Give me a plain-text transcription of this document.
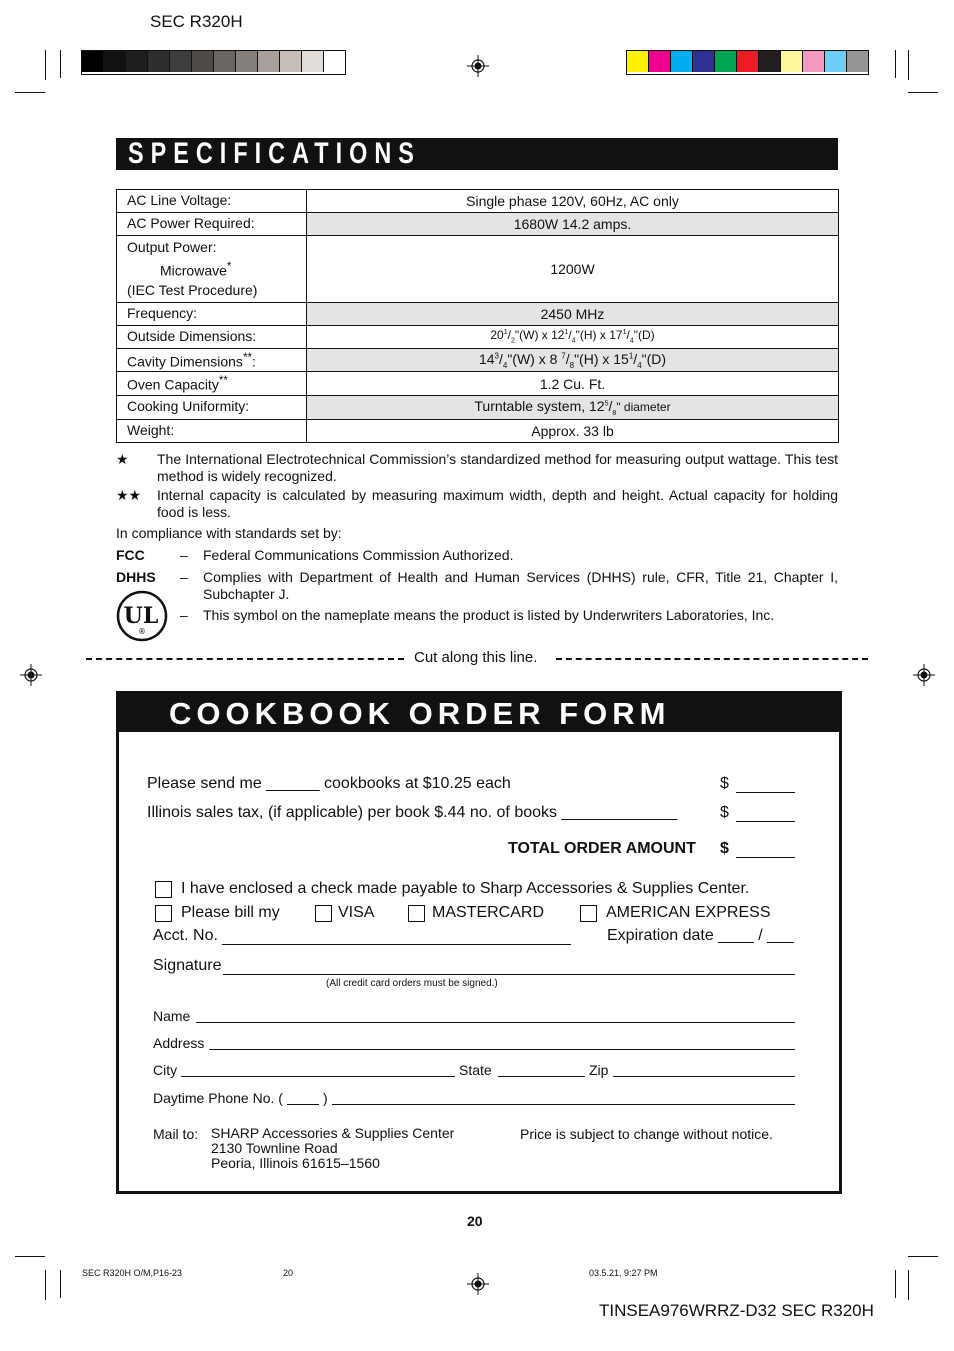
SEC R320H
SPECIFICATIONS
AC Line Voltage:	Single phase 120V, 60Hz, AC only
AC Power Required:	1680W 14.2 amps.

Output Power:
Microwave*
(IEC Test Procedure)	1200W
Frequency:	2450 MHz
Outside Dimensions:	$20^1/_2"(W)$ x $12^1/_4"(H)$ x $17^1/_4"(D)$
Cavity Dimensions**:	$14^3/_4"(W)$ x 8 $^7/_8"(H)$ x $15^1/_4"(D)$
Oven Capacity**	1.2 Cu. Ft.
Cooking Uniformity:	Turntable system, $12^5/_8$" diameter
Weight:	Approx. 33 lb
★ The International Electrotechnical Commission’s standardized method for measuring output wattage. This test method is widely recognized.
★★ Internal capacity is calculated by measuring maximum width, depth and height. Actual capacity for holding food is less.
In compliance with standards set by:
FCC	– Federal Communications Commission Authorized.
DHHS – Complies with Department of Health and Human Services (DHHS) rule, CFR, Title 21, Chapter I, Subchapter J.
UL
®
– This symbol on the nameplate means the product is listed by Underwriters Laboratories, Inc.
Cut along this line.
COOKBOOK ORDER FORM
Please send me ______ cookbooks at $10.25 each	$
Illinois sales tax, (if applicable) per book $.44 no. of books _____________	$
TOTAL ORDER AMOUNT $
I have enclosed a check made payable to Sharp Accessories & Supplies Center.
Please bill my	VISA	MASTERCARD	AMERICAN EXPRESS
Acct. No.	Expiration date ____ / ___
Signature
(All credit card orders must be signed.)
Name
Address
City	State	Zip
Daytime Phone No. (	)
Mail to: SHARP Accessories & Supplies Center
2130 Townline Road
Peoria, Illinois 61615–1560
Price is subject to change without notice.
20
SEC R320H O/M,P16-23	20	03.5.21, 9:27 PM
TINSEA976WRRZ-D32 SEC R320H
